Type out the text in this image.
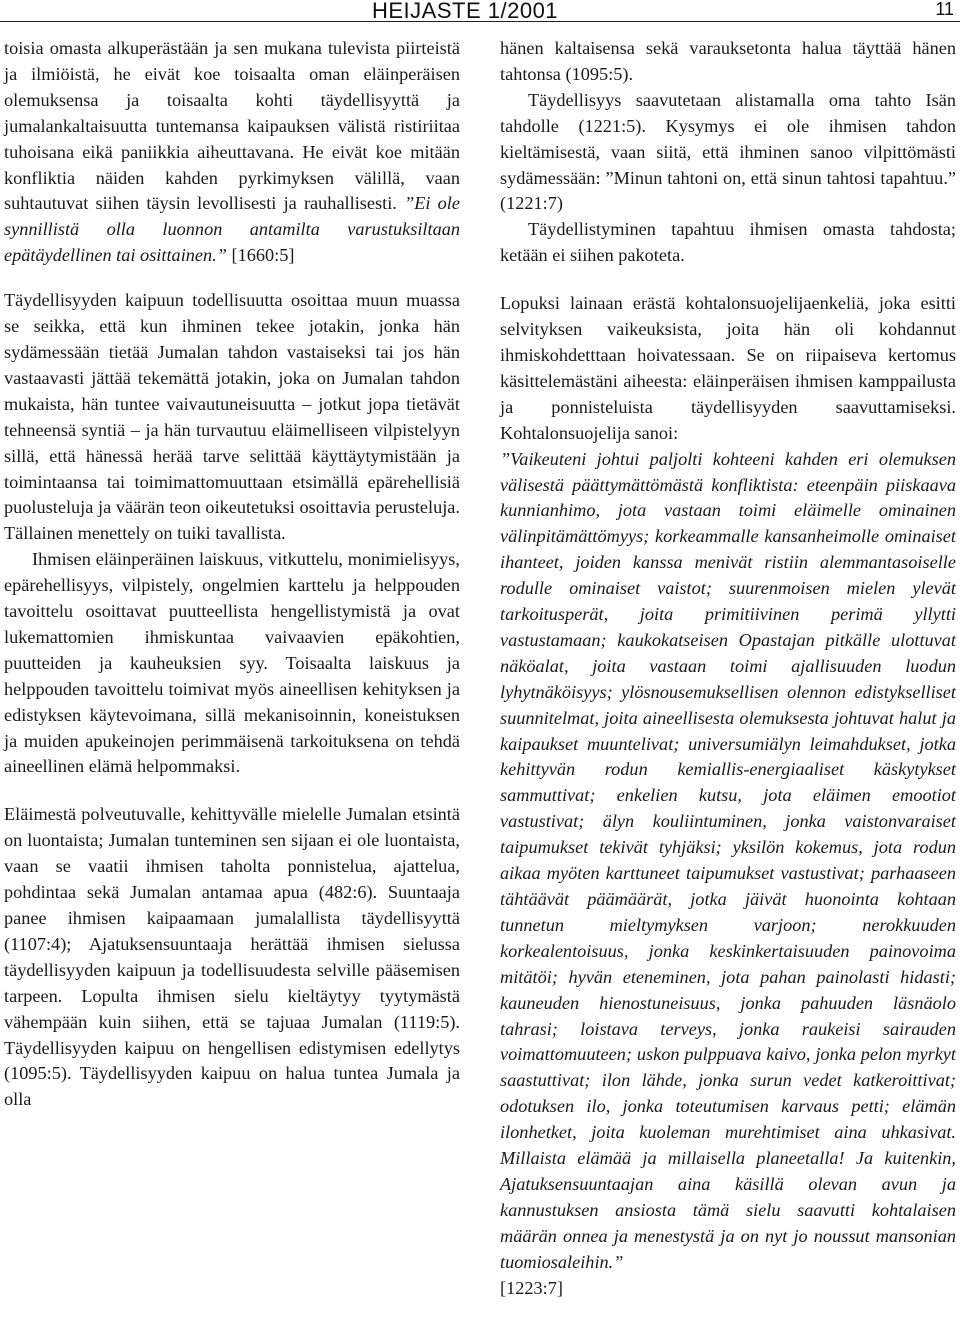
HEIJASTE 1/2001	11

toisia omasta alkuperästään ja sen mukana tulevista piirteistä ja ilmiöistä, he eivät koe toisaalta oman eläinperäisen olemuksensa ja toisaalta kohti täydellisyyttä ja jumalankaltaisuutta tuntemansa kaipauksen välistä ristiriitaa tuhoisana eikä paniikkia aiheuttavana. He eivät koe mitään konfliktia näiden kahden pyrkimyksen välillä, vaan suhtautuvat siihen täysin levollisesti ja rauhallisesti. ”Ei ole synnillistä olla luonnon antamilta varustuksiltaan epätäydellinen tai osittainen.” [1660:5]

Täydellisyyden kaipuun todellisuutta osoittaa muun muassa se seikka, että kun ihminen tekee jotakin, jonka hän sydämessään tietää Jumalan tahdon vastaiseksi tai jos hän vastaavasti jättää tekemättä jotakin, joka on Jumalan tahdon mukaista, hän tuntee vaivautuneisuutta – jotkut jopa tietävät tehneensä syntiä – ja hän turvautuu eläimelliseen vilpistelyyn sillä, että hänessä herää tarve selittää käyttäytymistään ja toimintaansa tai toimimattomuuttaan etsimällä epärehellisiä puolusteluja ja väärän teon oikeutetuksi osoittavia perusteluja. Tällainen menettely on tuiki tavallista.

Ihmisen eläinperäinen laiskuus, vitkuttelu, monimielisyys, epärehellisyys, vilpistely, ongelmien karttelu ja helppouden tavoittelu osoittavat puutteellista hengellistymistä ja ovat lukemattomien ihmiskuntaa vaivaavien epäkohtien, puutteiden ja kauheuksien syy. Toisaalta laiskuus ja helppouden tavoittelu toimivat myös aineellisen kehityksen ja edistyksen käytevoimana, sillä mekanisoinnin, koneistuksen ja muiden apukeinojen perimmäisenä tarkoituksena on tehdä aineellinen elämä helpommaksi.

Eläimestä polveutuvalle, kehittyvälle mielelle Jumalan etsintä on luontaista; Jumalan tunteminen sen sijaan ei ole luontaista, vaan se vaatii ihmisen taholta ponnistelua, ajattelua, pohdintaa sekä Jumalan antamaa apua (482:6). Suuntaaja panee ihmisen kaipaamaan jumalallista täydellisyyttä (1107:4); Ajatuksensuuntaaja herättää ihmisen sielussa täydellisyyden kaipuun ja todellisuudesta selville pääsemisen tarpeen. Lopulta ihmisen sielu kieltäytyy tyytymästä vähempään kuin siihen, että se tajuaa Jumalan (1119:5). Täydellisyyden kaipuu on hengellisen edistymisen edellytys (1095:5). Täydellisyyden kaipuu on halua tuntea Jumala ja olla

hänen kaltaisensa sekä varauksetonta halua täyttää hänen tahtonsa (1095:5).

Täydellisyys saavutetaan alistamalla oma tahto Isän tahdolle (1221:5). Kysymys ei ole ihmisen tahdon kieltämisestä, vaan siitä, että ihminen sanoo vilpittömästi sydämessään: ”Minun tahtoni on, että sinun tahtosi tapahtuu.” (1221:7)

Täydellistyminen tapahtuu ihmisen omasta tahdosta; ketään ei siihen pakoteta.

Lopuksi lainaan erästä kohtalonsuojelijaenkeliä, joka esitti selvityksen vaikeuksista, joita hän oli kohdannut ihmiskohdetttaan hoivatessaan. Se on riipaiseva kertomus käsittelemästäni aiheesta: eläinperäisen ihmisen kamppailusta ja ponnisteluista täydellisyyden saavuttamiseksi. Kohtalonsuojelija sanoi:

”Vaikeuteni johtui paljolti kohteeni kahden eri olemuksen välisestä päättymättömästä konfliktista: eteenpäin piiskaava kunnianhimo, jota vastaan toimi eläimelle ominainen välinpitämättömyys; korkeammalle kansanheimolle ominaiset ihanteet, joiden kanssa menivät ristiin alemmantasoiselle rodulle ominaiset vaistot; suurenmoisen mielen ylevät tarkoitusperät, joita primitiivinen perimä yllytti vastustamaan; kaukokatseisen Opastajan pitkälle ulottuvat näköalat, joita vastaan toimi ajallisuuden luodun lyhytnäköisyys; ylösnousemuksellisen olennon edistykselliset suunnitelmat, joita aineellisesta olemuksesta johtuvat halut ja kaipaukset muuntelivat; universumiälyn leimahdukset, jotka kehittyvän rodun kemiallis-energiaaliset käskytykset sammuttivat; enkelien kutsu, jota eläimen emootiot vastustivat; älyn kouliintuminen, jonka vaistonvaraiset taipumukset tekivät tyhjäksi; yksilön kokemus, jota rodun aikaa myöten karttuneet taipumukset vastustivat; parhaaseen tähtäävät päämäärät, jotka jäivät huonointa kohtaan tunnetun mieltymyksen varjoon; nerokkuuden korkealentoisuus, jonka keskinkertaisuuden painovoima mitätöi; hyvän eteneminen, jota pahan painolasti hidasti; kauneuden hienostuneisuus, jonka pahuuden läsnäolo tahrasi; loistava terveys, jonka raukeisi sairauden voimattomuuteen; uskon pulppuava kaivo, jonka pelon myrkyt saastuttivat; ilon lähde, jonka surun vedet katkeroittivat; odotuksen ilo, jonka toteutumisen karvaus petti; elämän ilonhetket, joita kuoleman murehtimiset aina uhkasivat. Millaista elämää ja millaisella planeetalla! Ja kuitenkin, Ajatuksensuuntaajan aina käsillä olevan avun ja kannustuksen ansiosta tämä sielu saavutti kohtalaisen määrän onnea ja menestystä ja on nyt jo noussut mansonian tuomiosaleihin.”

[1223:7]
